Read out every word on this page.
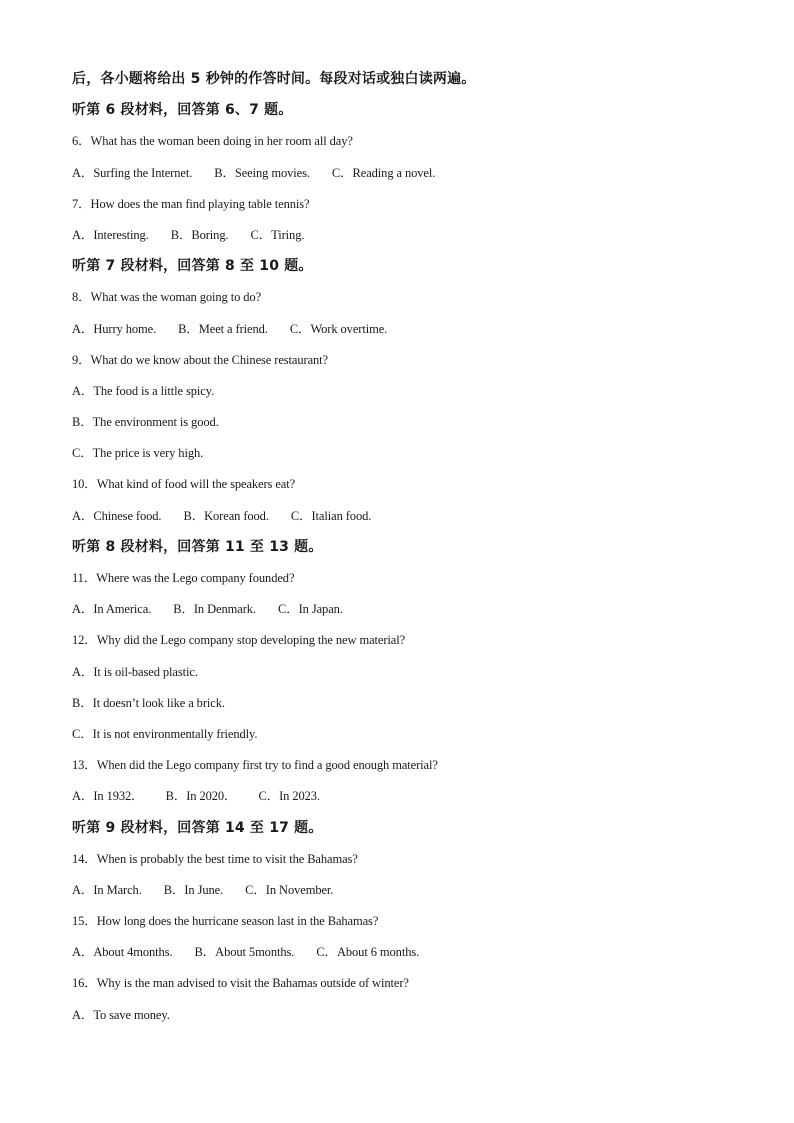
后，各小题将给出 5 秒钟的作答时间。每段对话或独白读两遍。
听第 6 段材料，回答第 6、7 题。
6．What has the woman been doing in her room all day?
A．Surfing the Internet. B．Seeing movies. C．Reading a novel.
7．How does the man find playing table tennis?
A．Interesting. B．Boring. C．Tiring.
听第 7 段材料，回答第 8 至 10 题。
8．What was the woman going to do?
A．Hurry home. B．Meet a friend. C．Work overtime.
9．What do we know about the Chinese restaurant?
A．The food is a little spicy.
B．The environment is good.
C．The price is very high.
10．What kind of food will the speakers eat?
A．Chinese food. B．Korean food. C．Italian food.
听第 8 段材料，回答第 11 至 13 题。
11．Where was the Lego company founded?
A．In America. B．In Denmark. C．In Japan.
12．Why did the Lego company stop developing the new material?
A．It is oil-based plastic.
B．It doesn’t look like a brick.
C．It is not environmentally friendly.
13．When did the Lego company first try to find a good enough material?
A．In 1932． B．In 2020． C．In 2023.
听第 9 段材料，回答第 14 至 17 题。
14．When is probably the best time to visit the Bahamas?
A．In March. B．In June. C．In November.
15．How long does the hurricane season last in the Bahamas?
A．About 4months. B．About 5months. C．About 6 months.
16．Why is the man advised to visit the Bahamas outside of winter?
A．To save money.
